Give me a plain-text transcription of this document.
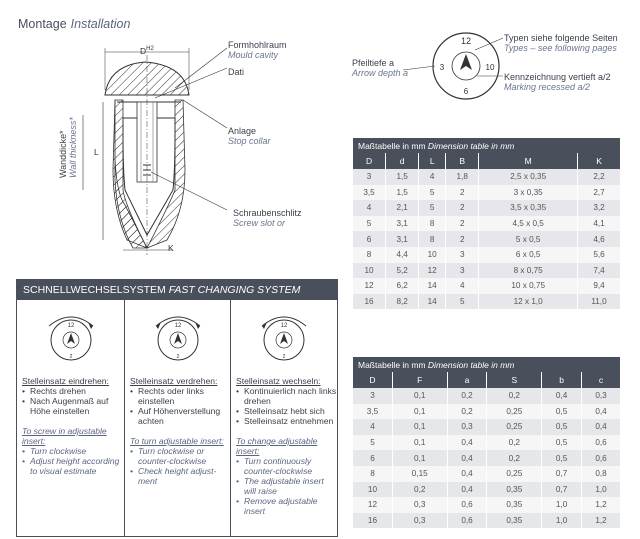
Montage Installation
$D^{H2}$
L
K
Wanddicke* Wall thickness*
Formhohlraum
Mould cavity
Dati
Anlage
Stop collar
Schraubenschlitz
Screw slot or
12
3	10
6
Pfeiltiefe a
Arrow depth a
Typen siehe folgende Seiten
Types – see following pages
Kennzeichnung vertieft a/2
Marking recessed a/2
Maßtabelle in mm Dimension table in mm					
D	d	L	B	M	K
3	1,5	4	1,8	2,5 x 0,35	2,2
3,5	1,5	5	2	3 x 0,35	2,7
4	2,1	5	2	3,5 x 0,35	3,2
5	3,1	8	2	4,5 x 0,5	4,1
6	3,1	8	2	5 x 0,5	4,6
8	4,4	10	3	6 x 0,5	5,6
10	5,2	12	3	8 x 0,75	7,4
12	6,2	14	4	10 x 0,75	9,4
16	8,2	14	5	12 x 1,0	11,0
Maßtabelle in mm Dimension table in mm					
D	F	a	S	b	c
3	0,1	0,2	0,2	0,4	0,3
3,5	0,1	0,2	0,25	0,5	0,4
4	0,1	0,3	0,25	0,5	0,4
5	0,1	0,4	0,2	0,5	0,6
6	0,1	0,4	0,2	0,5	0,6
8	0,15	0,4	0,25	0,7	0,8
10	0,2	0,4	0,35	0,7	1,0
12	0,3	0,6	0,35	1,0	1,2
16	0,3	0,6	0,35	1,0	1,2
SCHNELLWECHSELSYSTEM FAST CHANGING SYSTEM
12
2
Stelleinsatz eindrehen:
• Rechts drehen
• Nach Augenmaß auf Höhe einstellen
To screw in adjustable insert:
• Turn clockwise
• Adjust height according to visual estimate
12
2
Stelleinsatz verdrehen:
• Rechts oder links einstellen
• Auf Höhenverstellung achten
To turn adjustable insert:
• Turn clockwise or counter-clockwise
• Check height adjust-ment
12
2
Stelleinsatz wechseln:
• Kontinuierlich nach links drehen
• Stelleinsatz hebt sich
• Stelleinsatz entnehmen
To change adjustable insert:
• Turn continuously counter-clockwise
• The adjustable insert will raise
• Remove adjustable insert
